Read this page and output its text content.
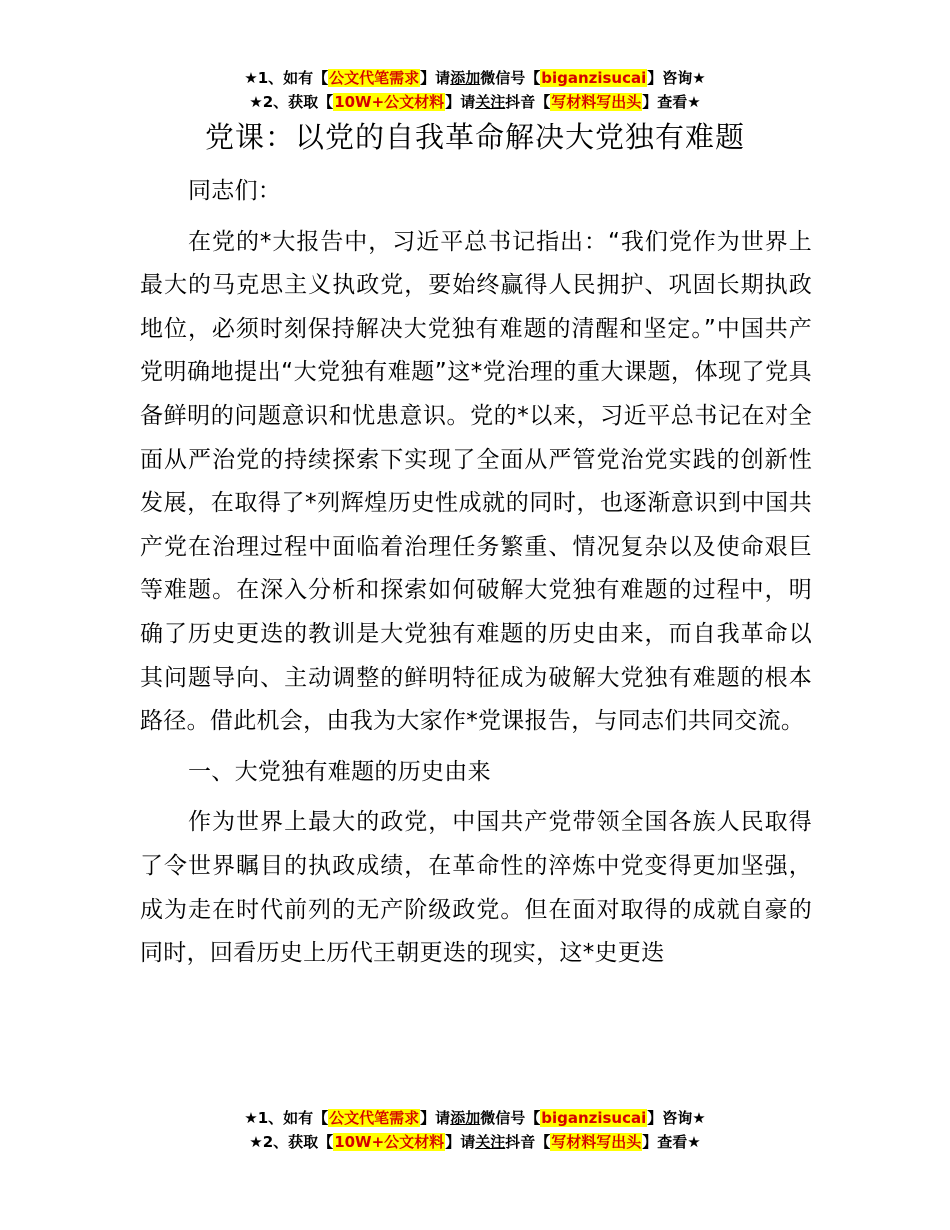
★1、如有【公文代笔需求】请添加微信号【biganzisucai】咨询★
★2、获取【10W+公文材料】请关注抖音【写材料写出头】查看★
党课：以党的自我革命解决大党独有难题

同志们：

在党的*大报告中，习近平总书记指出：“我们党作为世界上最大的马克思主义执政党，要始终赢得人民拥护、巩固长期执政地位，必须时刻保持解决大党独有难题的清醒和坚定。”中国共产党明确地提出“大党独有难题”这*党治理的重大课题，体现了党具备鲜明的问题意识和忧患意识。党的*以来，习近平总书记在对全面从严治党的持续探索下实现了全面从严管党治党实践的创新性发展，在取得了*列辉煌历史性成就的同时，也逐渐意识到中国共产党在治理过程中面临着治理任务繁重、情况复杂以及使命艰巨等难题。在深入分析和探索如何破解大党独有难题的过程中，明确了历史更迭的教训是大党独有难题的历史由来，而自我革命以其问题导向、主动调整的鲜明特征成为破解大党独有难题的根本路径。借此机会，由我为大家作*党课报告，与同志们共同交流。

一、大党独有难题的历史由来

作为世界上最大的政党，中国共产党带领全国各族人民取得了令世界瞩目的执政成绩，在革命性的淬炼中党变得更加坚强，成为走在时代前列的无产阶级政党。但在面对取得的成就自豪的同时，回看历史上历代王朝更迭的现实，这*史更迭

★1、如有【公文代笔需求】请添加微信号【biganzisucai】咨询★
★2、获取【10W+公文材料】请关注抖音【写材料写出头】查看★
